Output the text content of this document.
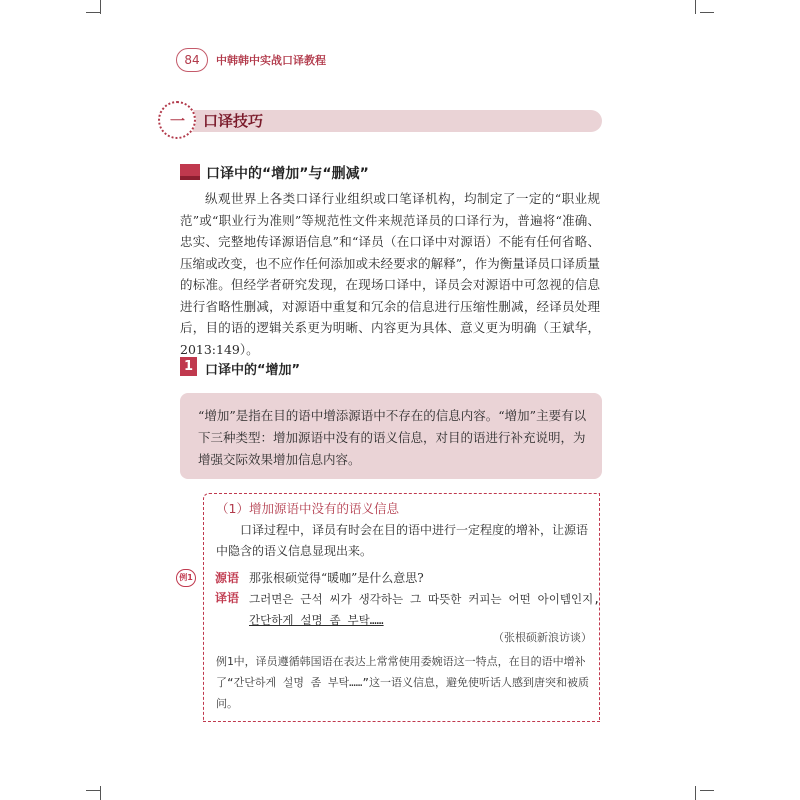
84	中韩韩中实战口译教程
一 口译技巧
口译中的“增加”与“删减”

纵观世界上各类口译行业组织或口笔译机构，均制定了一定的“职业规范”或“职业行为准则”等规范性文件来规范译员的口译行为，普遍将“准确、忠实、完整地传译源语信息”和“译员（在口译中对源语）不能有任何省略、压缩或改变，也不应作任何添加或未经要求的解释”，作为衡量译员口译质量的标准。但经学者研究发现，在现场口译中，译员会对源语中可忽视的信息进行省略性删减，对源语中重复和冗余的信息进行压缩性删减，经译员处理后，目的语的逻辑关系更为明晰、内容更为具体、意义更为明确（王斌华，2013:149）。

1 口译中的“增加”

“增加”是指在目的语中增添源语中不存在的信息内容。“增加”主要有以下三种类型：增加源语中没有的语义信息，对目的语进行补充说明，为增强交际效果增加信息内容。

（1）增加源语中没有的语义信息

口译过程中，译员有时会在目的语中进行一定程度的增补，让源语中隐含的语义信息显现出来。

例1 源语 那张根硕觉得“暖咖”是什么意思?
译语 그러면은 근석 씨가 생각하는 그 따뜻한 커피는 어떤 아이템인지,
간단하게 설명 좀 부탁……
（张根硕新浪访谈）

例1中，译员遵循韩国语在表达上常常使用委婉语这一特点，在目的语中增补了“간단하게 설명 좀 부탁……”这一语义信息，避免使听话人感到唐突和被质问。
